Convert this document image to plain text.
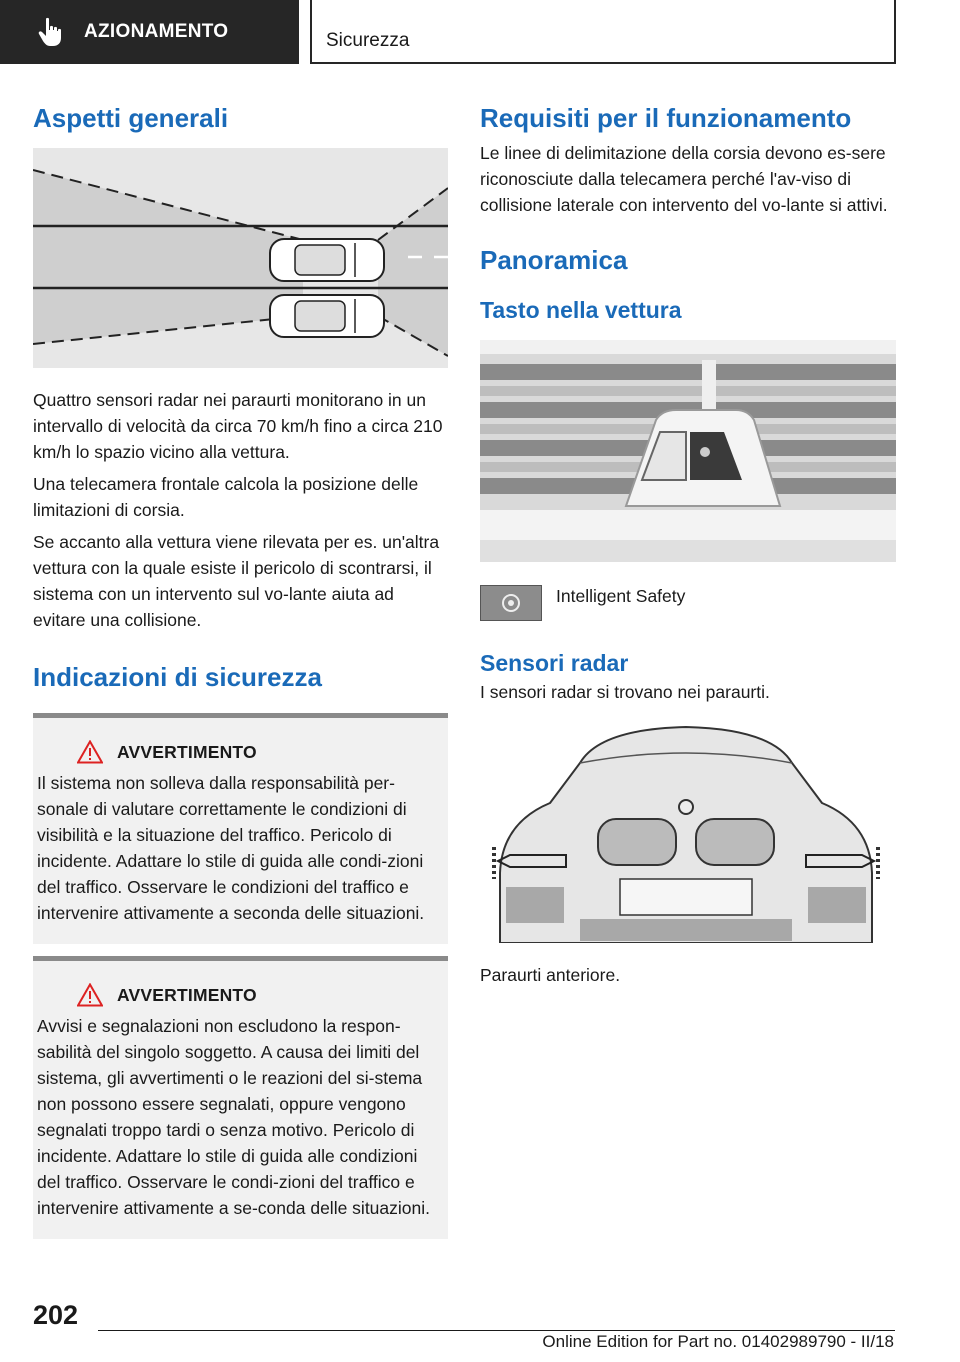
AZIONAMENTO	Sicurezza
Aspetti generali

Quattro sensori radar nei paraurti monitorano in un intervallo di velocità da circa 70 km/h fino a circa 210 km/h lo spazio vicino alla vettura.

Una telecamera frontale calcola la posizione delle limitazioni di corsia.

Se accanto alla vettura viene rilevata per es. un'altra vettura con la quale esiste il pericolo di scontrarsi, il sistema con un intervento sul vo-lante aiuta ad evitare una collisione.

Indicazioni di sicurezza
AVVERTIMENTO

Il sistema non solleva dalla responsabilità per-sonale di valutare correttamente le condizioni di visibilità e la situazione del traffico. Pericolo di incidente. Adattare lo stile di guida alle condi-zioni del traffico. Osservare le condizioni del traffico e intervenire attivamente a seconda delle situazioni.

AVVERTIMENTO

Avvisi e segnalazioni non escludono la respon-sabilità del singolo soggetto. A causa dei limiti del sistema, gli avvertimenti o le reazioni del si-stema non possono essere segnalati, oppure vengono segnalati troppo tardi o senza motivo. Pericolo di incidente. Adattare lo stile di guida alle condizioni del traffico. Osservare le condi-zioni del traffico e intervenire attivamente a se-conda delle situazioni.

Requisiti per il funzionamento

Le linee di delimitazione della corsia devono es-sere riconosciute dalla telecamera perché l'av-viso di collisione laterale con intervento del vo-lante si attivi.

Panoramica
Tasto nella vettura

Intelligent Safety

Sensori radar

I sensori radar si trovano nei paraurti.

Paraurti anteriore.

202
Online Edition for Part no. 01402989790 - II/18
